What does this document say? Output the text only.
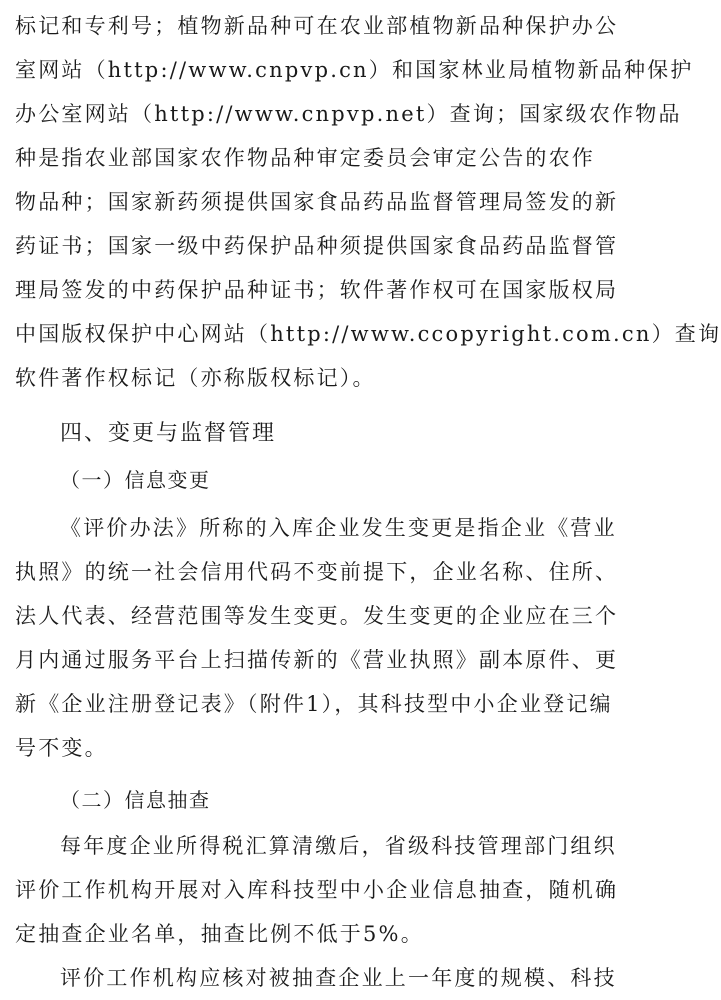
标记和专利号；植物新品种可在农业部植物新品种保护办公
室网站（http://www.cnpvp.cn）和国家林业局植物新品种保护
办公室网站（http://www.cnpvp.net）查询；国家级农作物品
种是指农业部国家农作物品种审定委员会审定公告的农作
物品种；国家新药须提供国家食品药品监督管理局签发的新
药证书；国家一级中药保护品种须提供国家食品药品监督管
理局签发的中药保护品种证书；软件著作权可在国家版权局
中国版权保护中心网站（http://www.ccopyright.com.cn）查询
软件著作权标记（亦称版权标记）。
四、变更与监督管理
（一）信息变更
《评价办法》所称的入库企业发生变更是指企业《营业
执照》的统一社会信用代码不变前提下，企业名称、住所、
法人代表、经营范围等发生变更。发生变更的企业应在三个
月内通过服务平台上扫描传新的《营业执照》副本原件、更
新《企业注册登记表》（附件1），其科技型中小企业登记编
号不变。
（二）信息抽查
每年度企业所得税汇算清缴后，省级科技管理部门组织
评价工作机构开展对入库科技型中小企业信息抽查，随机确
定抽查企业名单，抽查比例不低于5%。
评价工作机构应核对被抽查企业上一年度的规模、科技
